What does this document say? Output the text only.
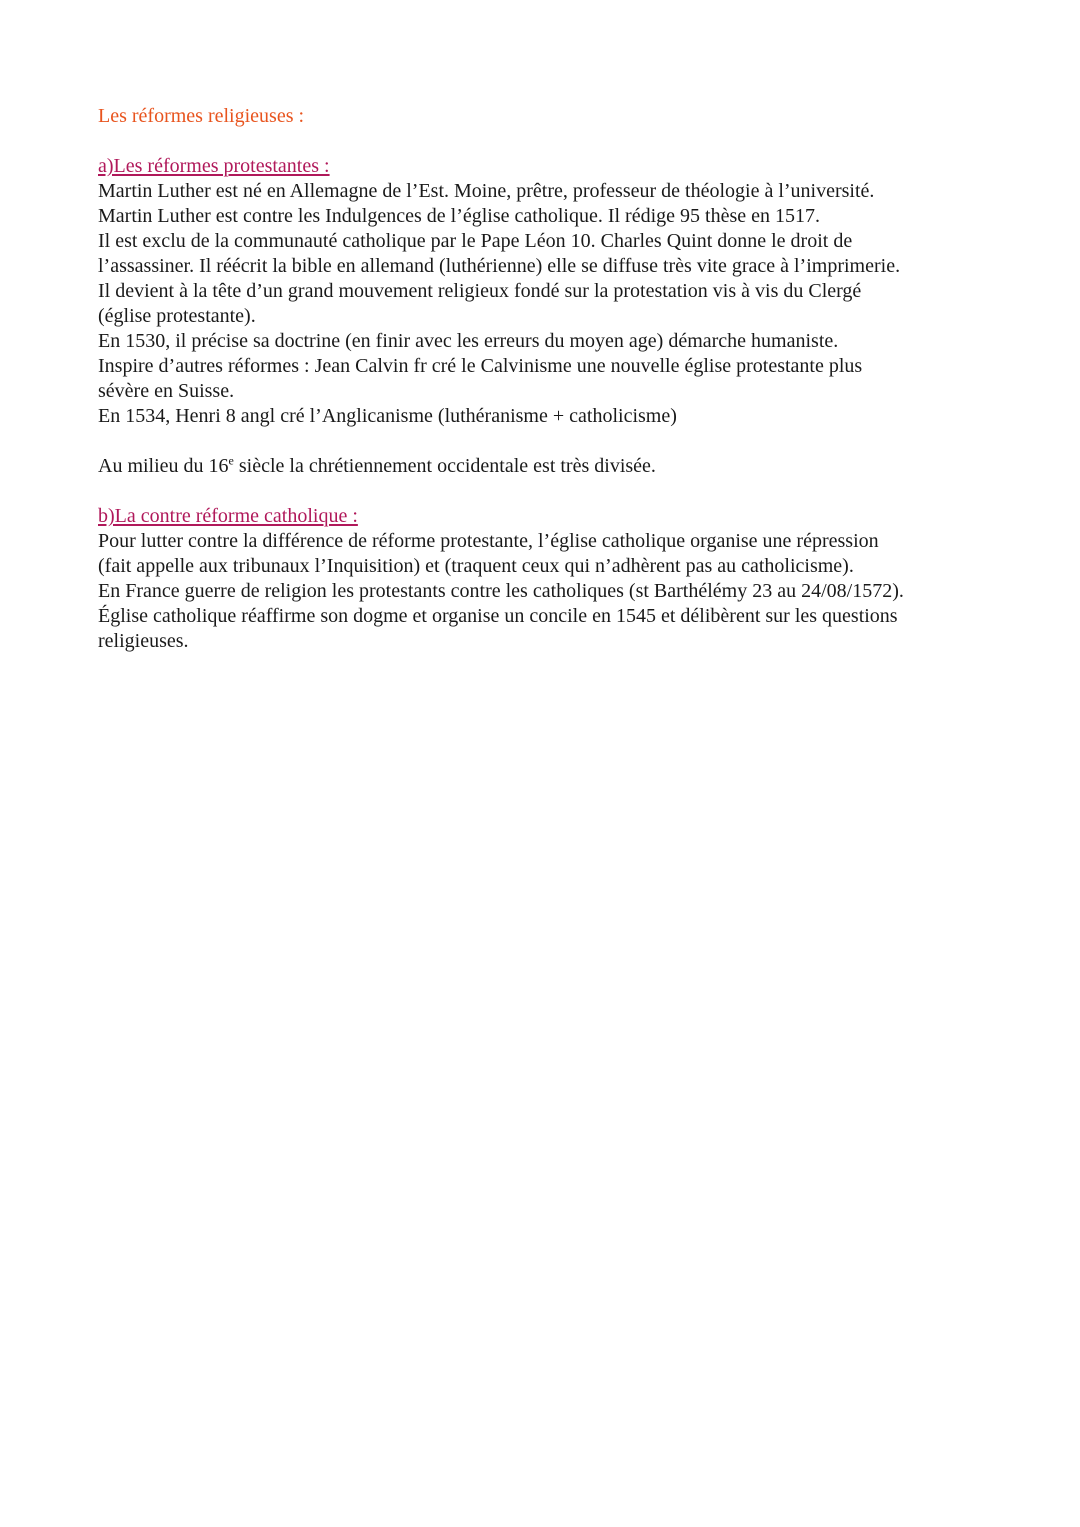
Les réformes religieuses :
a)Les réformes protestantes :

Martin Luther est né en Allemagne de l’Est. Moine, prêtre, professeur de théologie à l’université.

Martin Luther est contre les Indulgences de l’église catholique. Il rédige 95 thèse en 1517.

Il est exclu de la communauté catholique par le Pape Léon 10. Charles Quint donne le droit de

l’assassiner. Il réécrit la bible en allemand (luthérienne) elle se diffuse très vite grace à l’imprimerie.

Il devient à la tête d’un grand mouvement religieux fondé sur la protestation vis à vis du Clergé

(église protestante).

En 1530, il précise sa doctrine (en finir avec les erreurs du moyen age) démarche humaniste.

Inspire d’autres réformes : Jean Calvin fr cré le Calvinisme une nouvelle église protestante plus

sévère en Suisse.

En 1534, Henri 8 angl cré l’Anglicanisme (luthéranisme + catholicisme)

Au milieu du 16e siècle la chrétiennement occidentale est très divisée.

b)La contre réforme catholique :

Pour lutter contre la différence de réforme protestante, l’église catholique organise une répression

(fait appelle aux tribunaux l’Inquisition) et (traquent ceux qui n’adhèrent pas au catholicisme).

En France guerre de religion les protestants contre les catholiques (st Barthélémy 23 au 24/08/1572).

Église catholique réaffirme son dogme et organise un concile en 1545 et délibèrent sur les questions

religieuses.
